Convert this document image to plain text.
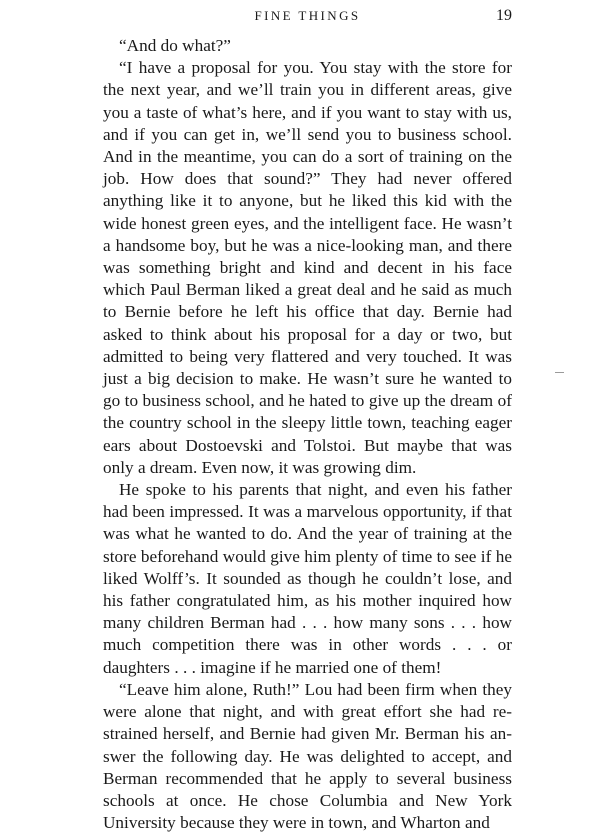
FINE THINGS	19

“And do what?”

“I have a proposal for you. You stay with the store for the next year, and we’ll train you in different areas, give you a taste of what’s here, and if you want to stay with us, and if you can get in, we’ll send you to business school. And in the meantime, you can do a sort of training on the job. How does that sound?” They had never offered anything like it to anyone, but he liked this kid with the wide honest green eyes, and the intelligent face. He wasn’t a handsome boy, but he was a nice-looking man, and there was something bright and kind and decent in his face which Paul Berman liked a great deal and he said as much to Bernie before he left his office that day. Bernie had asked to think about his proposal for a day or two, but admitted to being very flattered and very touched. It was just a big decision to make. He wasn’t sure he wanted to go to business school, and he hated to give up the dream of the country school in the sleepy little town, teaching eager ears about Dostoevski and Tolstoi. But maybe that was only a dream. Even now, it was growing dim.

He spoke to his parents that night, and even his father had been impressed. It was a marvelous opportunity, if that was what he wanted to do. And the year of training at the store beforehand would give him plenty of time to see if he liked Wolff’s. It sounded as though he couldn’t lose, and his father congratulated him, as his mother inquired how many children Berman had . . . how many sons . . . how much competition there was in other words . . . or daughters . . . imagine if he married one of them!

“Leave him alone, Ruth!” Lou had been firm when they were alone that night, and with great effort she had restrained herself, and Bernie had given Mr. Berman his answer the following day. He was delighted to accept, and Berman recommended that he apply to several business schools at once. He chose Columbia and New York University because they were in town, and Wharton and
